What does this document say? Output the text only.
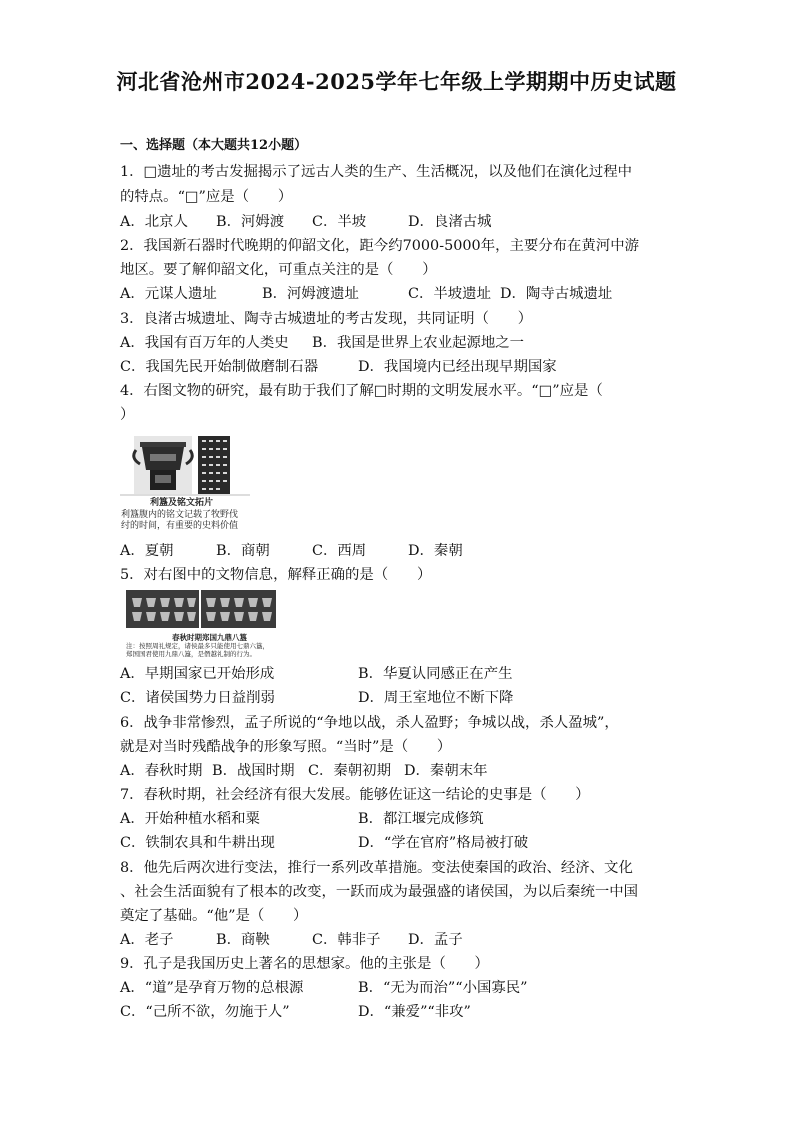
河北省沧州市2024-2025学年七年级上学期期中历史试题
一、选择题（本大题共12小题）
1．□遗址的考古发掘揭示了远古人类的生产、生活概况，以及他们在演化过程中
的特点。“□”应是（　　）
A．北京人 B．河姆渡 C．半坡	D．良渚古城
2．我国新石器时代晚期的仰韶文化，距今约7000-5000年，主要分布在黄河中游
地区。要了解仰韶文化，可重点关注的是（　　）
A．元谋人遗址	B．河姆渡遗址	C．半坡遗址 D．陶寺古城遗址
3．良渚古城遗址、陶寺古城遗址的考古发现，共同证明（　　）
A．我国有百万年的人类史 B．我国是世界上农业起源地之一
C．我国先民开始制做磨制石器	D．我国境内已经出现早期国家
4．右图文物的研究，最有助于我们了解□时期的文明发展水平。“□”应是（
）
利簋及铭文拓片
利簋腹内的铭文记载了牧野伐
纣的时间，有重要的史料价值
A．夏朝	B．商朝	C．西周	D．秦朝
5．对右图中的文物信息，解释正确的是（　　）
春秋时期郑国九鼎八簋
注：按照周礼规定，诸侯最多只能使用七鼎六簋，
郑国国君使用九鼎八簋，是僭越礼制的行为。
A．早期国家已开始形成	B．华夏认同感正在产生
C．诸侯国势力日益削弱	D．周王室地位不断下降
6．战争非常惨烈，孟子所说的“争地以战，杀人盈野；争城以战，杀人盈城”，
就是对当时残酷战争的形象写照。“当时”是（　　）
A．春秋时期 B．战国时期 C．秦朝初期 D．秦朝末年
7．春秋时期，社会经济有很大发展。能够佐证这一结论的史事是（　　）
A．开始种植水稻和粟	B．都江堰完成修筑
C．铁制农具和牛耕出现	D．“学在官府”格局被打破
8．他先后两次进行变法，推行一系列改革措施。变法使秦国的政治、经济、文化
、社会生活面貌有了根本的改变，一跃而成为最强盛的诸侯国，为以后秦统一中国
奠定了基础。“他”是（　　）
A．老子	B．商鞅	C．韩非子 D．孟子
9．孔子是我国历史上著名的思想家。他的主张是（　　）
A．“道”是孕育万物的总根源	B．“无为而治”“小国寡民”
C．“己所不欲，勿施于人”	D．“兼爱”“非攻”
